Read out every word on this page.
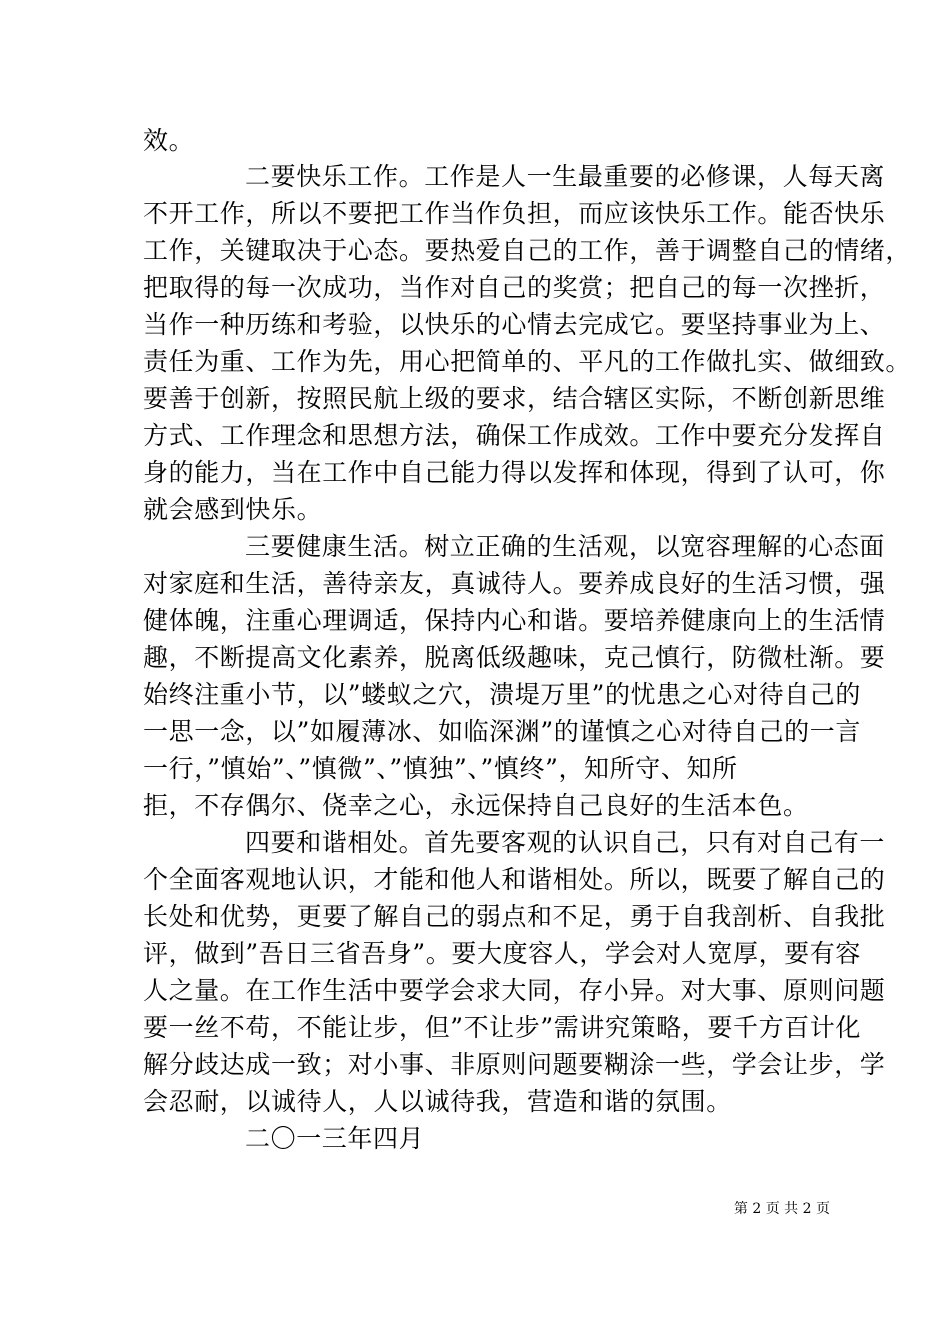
效。
二要快乐工作。工作是人一生最重要的必修课，人每天离
不开工作，所以不要把工作当作负担，而应该快乐工作。能否快乐
工作，关键取决于心态。要热爱自己的工作，善于调整自己的情绪，
把取得的每一次成功，当作对自己的奖赏；把自己的每一次挫折，
当作一种历练和考验，以快乐的心情去完成它。要坚持事业为上、
责任为重、工作为先，用心把简单的、平凡的工作做扎实、做细致。
要善于创新，按照民航上级的要求，结合辖区实际，不断创新思维
方式、工作理念和思想方法，确保工作成效。工作中要充分发挥自
身的能力，当在工作中自己能力得以发挥和体现，得到了认可，你
就会感到快乐。
三要健康生活。树立正确的生活观，以宽容理解的心态面
对家庭和生活，善待亲友，真诚待人。要养成良好的生活习惯，强
健体魄，注重心理调适，保持内心和谐。要培养健康向上的生活情
趣，不断提高文化素养，脱离低级趣味，克己慎行，防微杜渐。要
始终注重小节，以”蝼蚁之穴，溃堤万里”的忧患之心对待自己的
一思一念，以”如履薄冰、如临深渊”的谨慎之心对待自己的一言
一行，”慎始”、”慎微”、”慎独”、”慎终”，知所守、知所
拒，不存偶尔、侥幸之心，永远保持自己良好的生活本色。
四要和谐相处。首先要客观的认识自己，只有对自己有一
个全面客观地认识，才能和他人和谐相处。所以，既要了解自己的
长处和优势，更要了解自己的弱点和不足，勇于自我剖析、自我批
评，做到”吾日三省吾身”。要大度容人，学会对人宽厚，要有容
人之量。在工作生活中要学会求大同，存小异。对大事、原则问题
要一丝不苟，不能让步，但”不让步”需讲究策略，要千方百计化
解分歧达成一致；对小事、非原则问题要糊涂一些，学会让步，学
会忍耐，以诚待人，人以诚待我，营造和谐的氛围。
二〇一三年四月
第 2 页 共 2 页
